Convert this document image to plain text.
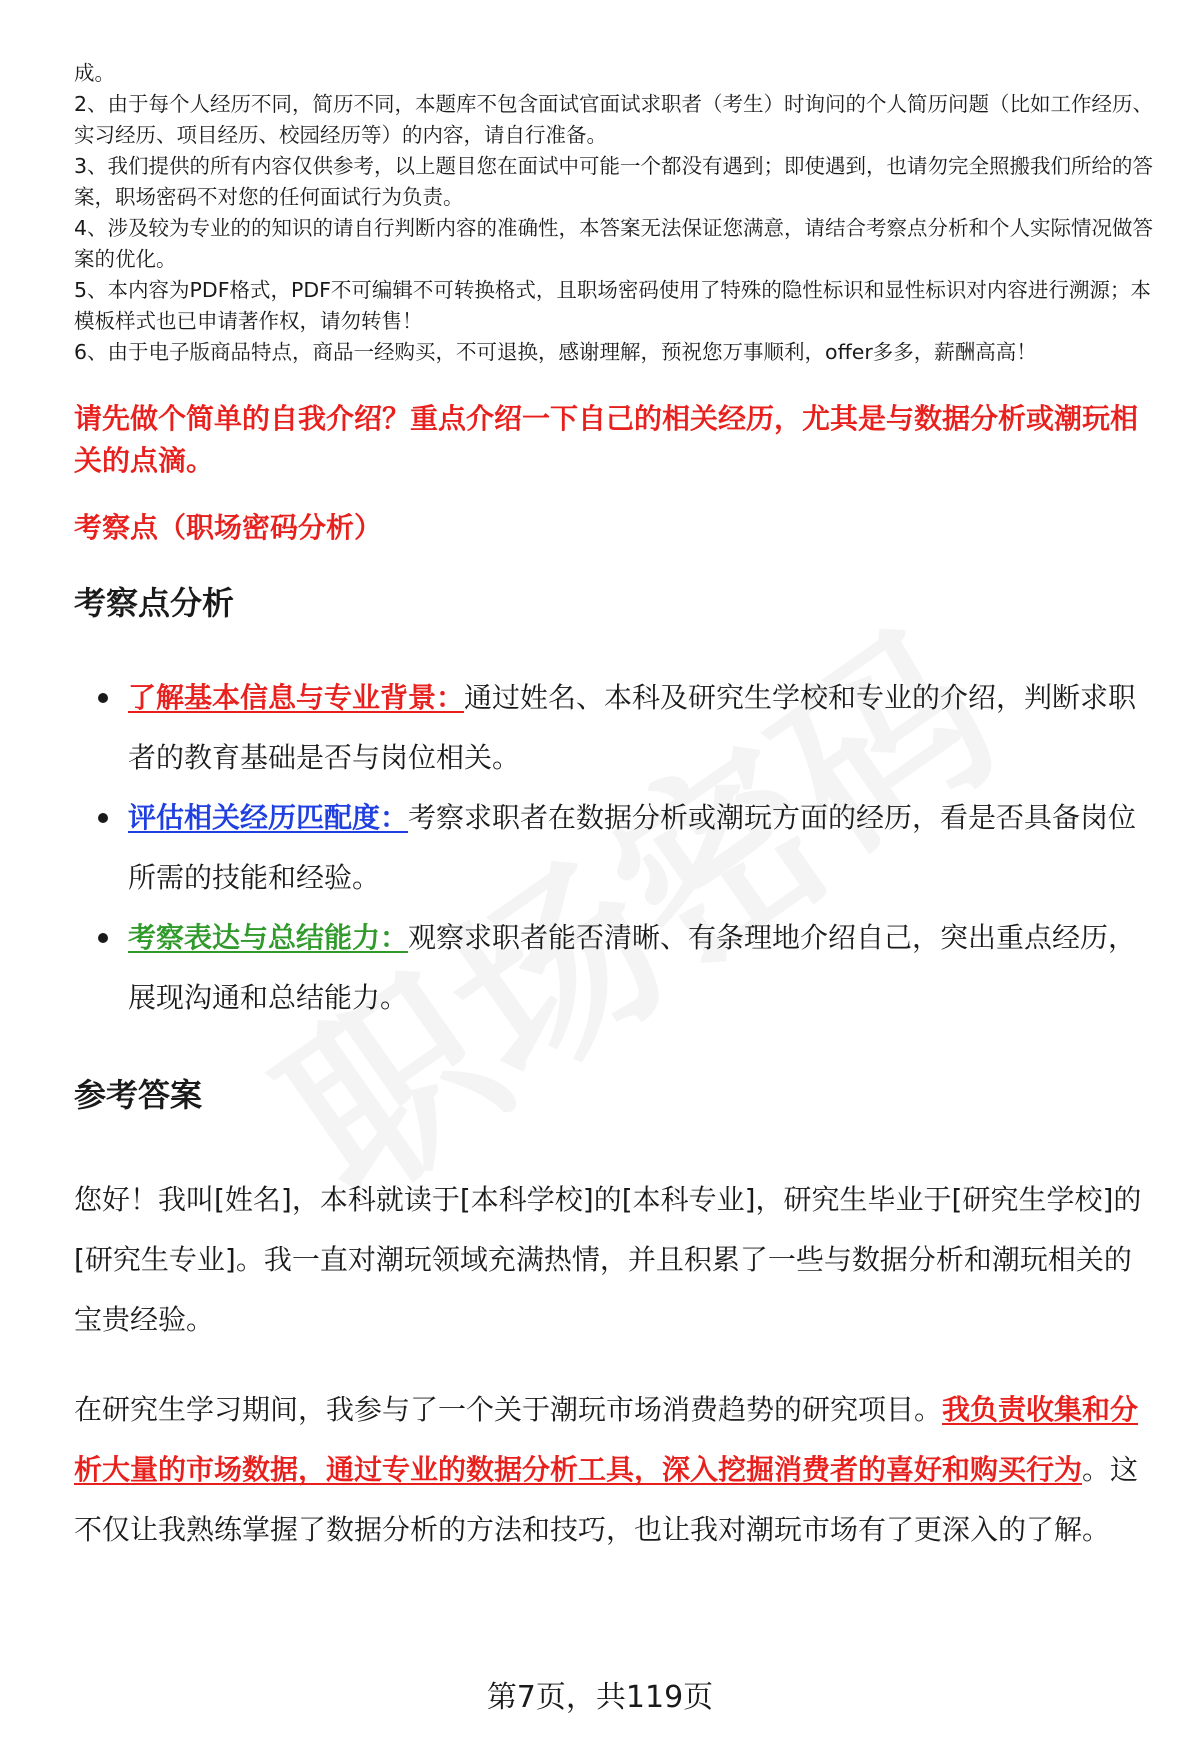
成。

2、由于每个人经历不同，简历不同，本题库不包含面试官面试求职者（考生）时询问的个人简历问题（比如工作经历、实习经历、项目经历、校园经历等）的内容，请自行准备。

3、我们提供的所有内容仅供参考，以上题目您在面试中可能一个都没有遇到；即使遇到，也请勿完全照搬我们所给的答案，职场密码不对您的任何面试行为负责。

4、涉及较为专业的的知识的请自行判断内容的准确性，本答案无法保证您满意，请结合考察点分析和个人实际情况做答案的优化。

5、本内容为PDF格式，PDF不可编辑不可转换格式，且职场密码使用了特殊的隐性标识和显性标识对内容进行溯源；本模板样式也已申请著作权，请勿转售！

6、由于电子版商品特点，商品一经购买，不可退换，感谢理解，预祝您万事顺利，offer多多，薪酬高高！

请先做个简单的自我介绍？重点介绍一下自己的相关经历，尤其是与数据分析或潮玩相关的点滴。
考察点（职场密码分析）
考察点分析
了解基本信息与专业背景：通过姓名、本科及研究生学校和专业的介绍，判断求职者的教育基础是否与岗位相关。
评估相关经历匹配度：考察求职者在数据分析或潮玩方面的经历，看是否具备岗位所需的技能和经验。
考察表达与总结能力：观察求职者能否清晰、有条理地介绍自己，突出重点经历，展现沟通和总结能力。
参考答案

您好！我叫[姓名]，本科就读于[本科学校]的[本科专业]，研究生毕业于[研究生学校]的[研究生专业]。我一直对潮玩领域充满热情，并且积累了一些与数据分析和潮玩相关的宝贵经验。

在研究生学习期间，我参与了一个关于潮玩市场消费趋势的研究项目。我负责收集和分析大量的市场数据，通过专业的数据分析工具，深入挖掘消费者的喜好和购买行为。这不仅让我熟练掌握了数据分析的方法和技巧，也让我对潮玩市场有了更深入的了解。

第7页，共119页
